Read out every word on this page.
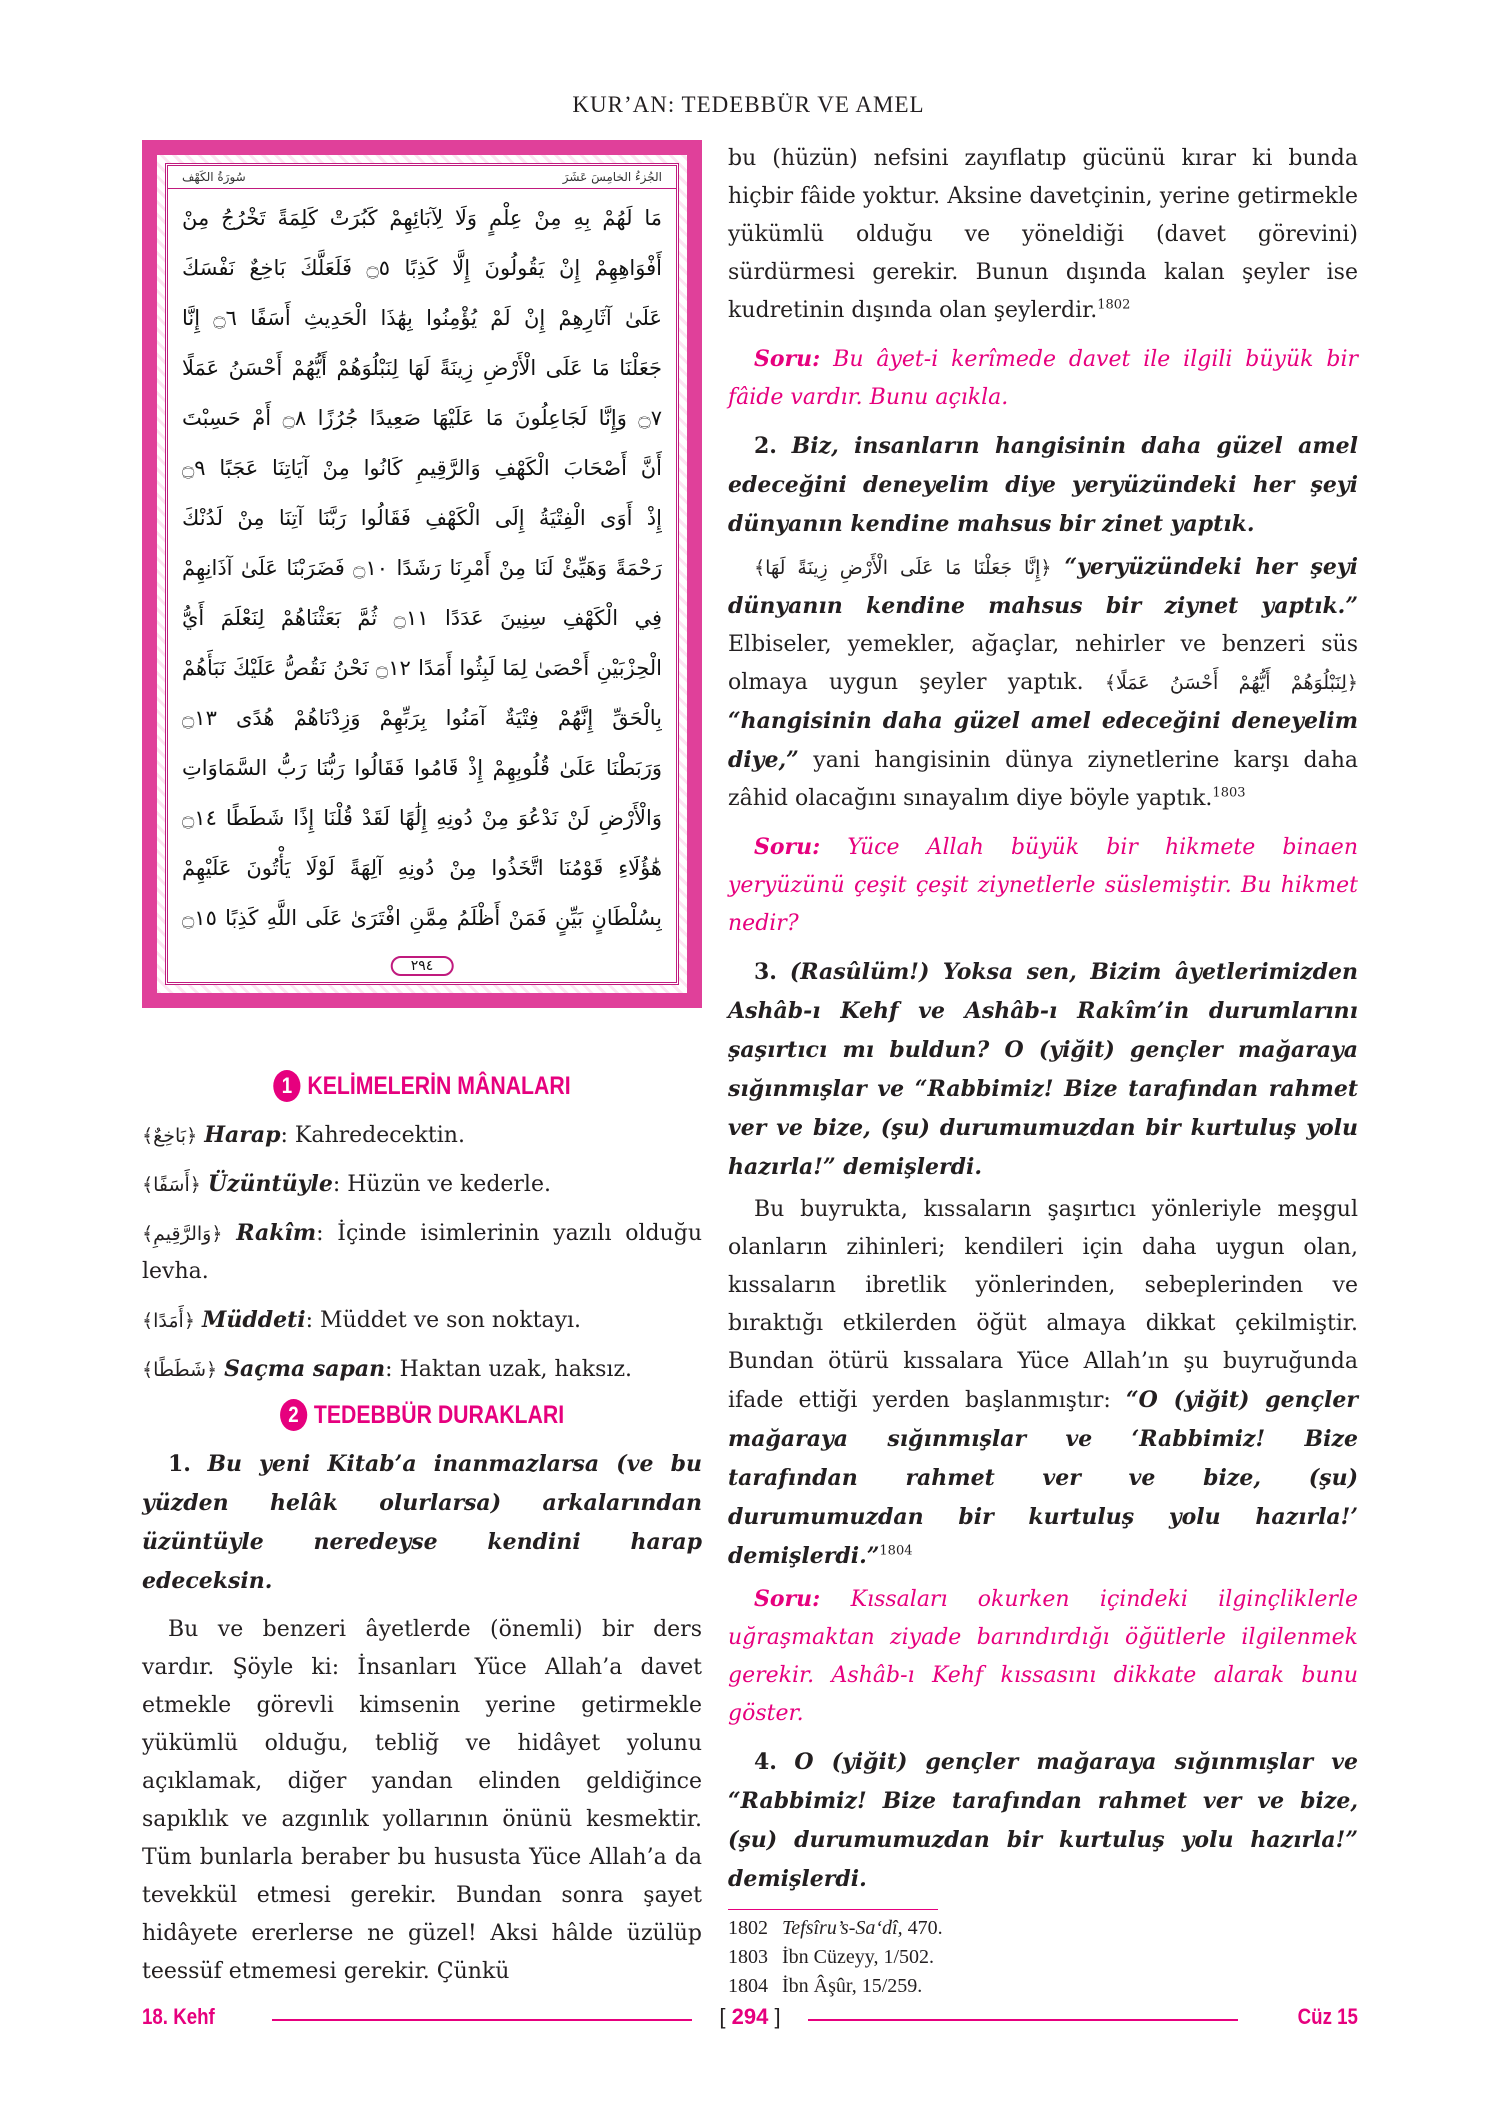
KUR’AN: TEDEBBÜR VE AMEL
الجُزءُ الخامِسَ عَشَرَ
سُورَةُ الكَهْف
مَا لَهُمْ بِهِ مِنْ عِلْمٍ وَلَا لِآبَائِهِمْ كَبُرَتْ كَلِمَةً تَخْرُجُ مِنْ
أَفْوَاهِهِمْ إِنْ يَقُولُونَ إِلَّا كَذِبًا ۝٥ فَلَعَلَّكَ بَاخِعٌ نَفْسَكَ
عَلَىٰ آثَارِهِمْ إِنْ لَمْ يُؤْمِنُوا بِهَٰذَا الْحَدِيثِ أَسَفًا ۝٦ إِنَّا
جَعَلْنَا مَا عَلَى الْأَرْضِ زِينَةً لَهَا لِنَبْلُوَهُمْ أَيُّهُمْ أَحْسَنُ عَمَلًا
۝٧ وَإِنَّا لَجَاعِلُونَ مَا عَلَيْهَا صَعِيدًا جُرُزًا ۝٨ أَمْ حَسِبْتَ
أَنَّ أَصْحَابَ الْكَهْفِ وَالرَّقِيمِ كَانُوا مِنْ آيَاتِنَا عَجَبًا ۝٩
إِذْ أَوَى الْفِتْيَةُ إِلَى الْكَهْفِ فَقَالُوا رَبَّنَا آتِنَا مِنْ لَدُنْكَ
رَحْمَةً وَهَيِّئْ لَنَا مِنْ أَمْرِنَا رَشَدًا ۝١٠ فَضَرَبْنَا عَلَىٰ آذَانِهِمْ
فِي الْكَهْفِ سِنِينَ عَدَدًا ۝١١ ثُمَّ بَعَثْنَاهُمْ لِنَعْلَمَ أَيُّ
الْحِزْبَيْنِ أَحْصَىٰ لِمَا لَبِثُوا أَمَدًا ۝١٢ نَحْنُ نَقُصُّ عَلَيْكَ نَبَأَهُمْ
بِالْحَقِّ إِنَّهُمْ فِتْيَةٌ آمَنُوا بِرَبِّهِمْ وَزِدْنَاهُمْ هُدًى ۝١٣
وَرَبَطْنَا عَلَىٰ قُلُوبِهِمْ إِذْ قَامُوا فَقَالُوا رَبُّنَا رَبُّ السَّمَاوَاتِ
وَالْأَرْضِ لَنْ نَدْعُوَ مِنْ دُونِهِ إِلَٰهًا لَقَدْ قُلْنَا إِذًا شَطَطًا ۝١٤
هَٰؤُلَاءِ قَوْمُنَا اتَّخَذُوا مِنْ دُونِهِ آلِهَةً لَوْلَا يَأْتُونَ عَلَيْهِمْ
بِسُلْطَانٍ بَيِّنٍ فَمَنْ أَظْلَمُ مِمَّنِ افْتَرَىٰ عَلَى اللَّهِ كَذِبًا ۝١٥
٢٩٤
1 KELİMELERİN MÂNALARI

﴿بَاخِعٌ﴾ Harap: Kahredecektin.

﴿أَسَفًا﴾ Üzüntüyle: Hüzün ve kederle.

﴿وَالرَّقِيمِ﴾ Rakîm: İçinde isimlerinin yazılı olduğu levha.

﴿أَمَدًا﴾ Müddeti: Müddet ve son noktayı.

﴿شَطَطًا﴾ Saçma sapan: Haktan uzak, haksız.

2 TEDEBBÜR DURAKLARI

1. Bu yeni Kitab’a inanmazlarsa (ve bu yüzden helâk olurlarsa) arkalarından üzüntüyle neredeyse kendini harap edeceksin.

Bu ve benzeri âyetlerde (önemli) bir ders vardır. Şöyle ki: İnsanları Yüce Allah’a davet etmekle görevli kimsenin yerine getirmekle yükümlü olduğu, tebliğ ve hidâyet yolunu açıklamak, diğer yandan elinden geldiğince sapıklık ve azgınlık yollarının önünü kesmektir. Tüm bunlarla beraber bu hususta Yüce Allah’a da tevekkül etmesi gerekir. Bundan sonra şayet hidâyete ererlerse ne güzel! Aksi hâlde üzülüp teessüf etmemesi gerekir. Çünkü

bu (hüzün) nefsini zayıflatıp gücünü kırar ki bunda hiçbir fâide yoktur. Aksine davetçinin, yerine getirmekle yükümlü olduğu ve yöneldiği (davet görevini) sürdürmesi gerekir. Bunun dışında kalan şeyler ise kudretinin dışında olan şeylerdir.$^{1802}$

Soru: Bu âyet-i kerîmede davet ile ilgili büyük bir fâide vardır. Bunu açıkla.

2. Biz, insanların hangisinin daha güzel amel edeceğini deneyelim diye yeryüzündeki her şeyi dünyanın kendine mahsus bir zinet yaptık.

﴿إِنَّا جَعَلْنَا مَا عَلَى الْأَرْضِ زِينَةً لَهَا﴾ “yeryüzündeki her şeyi dünyanın kendine mahsus bir ziynet yaptık.” Elbiseler, yemekler, ağaçlar, nehirler ve benzeri süs olmaya uygun şeyler yaptık. ﴿لِنَبْلُوَهُمْ أَيُّهُمْ أَحْسَنُ عَمَلًا﴾ “hangisinin daha güzel amel edeceğini deneyelim diye,” yani hangisinin dünya ziynetlerine karşı daha zâhid olacağını sınayalım diye böyle yaptık.$^{1803}$

Soru: Yüce Allah büyük bir hikmete binaen yeryüzünü çeşit çeşit ziynetlerle süslemiştir. Bu hikmet nedir?

3. (Rasûlüm!) Yoksa sen, Bizim âyetlerimizden Ashâb-ı Kehf ve Ashâb-ı Rakîm’in durumlarını şaşırtıcı mı buldun? O (yiğit) gençler mağaraya sığınmışlar ve “Rabbimiz! Bize tarafından rahmet ver ve bize, (şu) durumumuzdan bir kurtuluş yolu hazırla!” demişlerdi.

Bu buyrukta, kıssaların şaşırtıcı yönleriyle meşgul olanların zihinleri; kendileri için daha uygun olan, kıssaların ibretlik yönlerinden, sebeplerinden ve bıraktığı etkilerden öğüt almaya dikkat çekilmiştir. Bundan ötürü kıssalara Yüce Allah’ın şu buyruğunda ifade ettiği yerden başlanmıştır: “O (yiğit) gençler mağaraya sığınmışlar ve ‘Rabbimiz! Bize tarafından rahmet ver ve bize, (şu) durumumuzdan bir kurtuluş yolu hazırla!’ demişlerdi.”$^{1804}$

Soru: Kıssaları okurken içindeki ilginçliklerle uğraşmaktan ziyade barındırdığı öğütlerle ilgilenmek gerekir. Ashâb-ı Kehf kıssasını dikkate alarak bunu göster.

4. O (yiğit) gençler mağaraya sığınmışlar ve “Rabbimiz! Bize tarafından rahmet ver ve bize, (şu) durumumuzdan bir kurtuluş yolu hazırla!” demişlerdi.

1802 Tefsîru’s-Sa‘dî, 470.
1803 İbn Cüzeyy, 1/502.
1804 İbn Âşûr, 15/259.
18. Kehf	[ 294 ]	Cüz 15
